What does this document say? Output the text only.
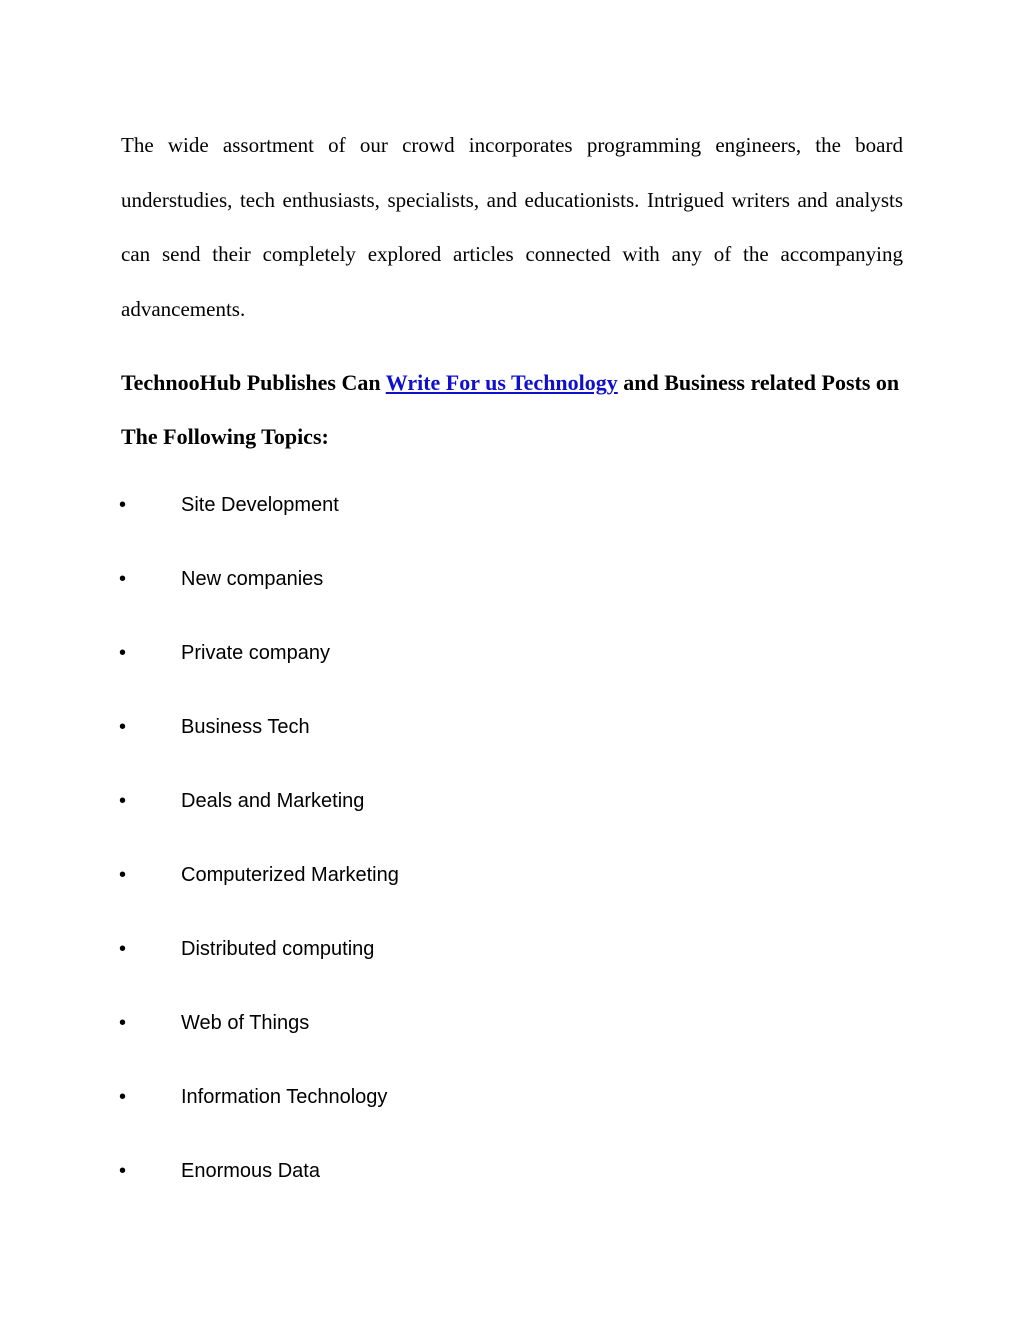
The wide assortment of our crowd incorporates programming engineers, the board understudies, tech enthusiasts, specialists, and educationists. Intrigued writers and analysts can send their completely explored articles connected with any of the accompanying advancements.

TechnooHub Publishes Can Write For us Technology and Business related Posts on The Following Topics:

•	Site Development
•	New companies
•	Private company
•	Business Tech
•	Deals and Marketing
•	Computerized Marketing
•	Distributed computing
•	Web of Things
•	Information Technology
•	Enormous Data
